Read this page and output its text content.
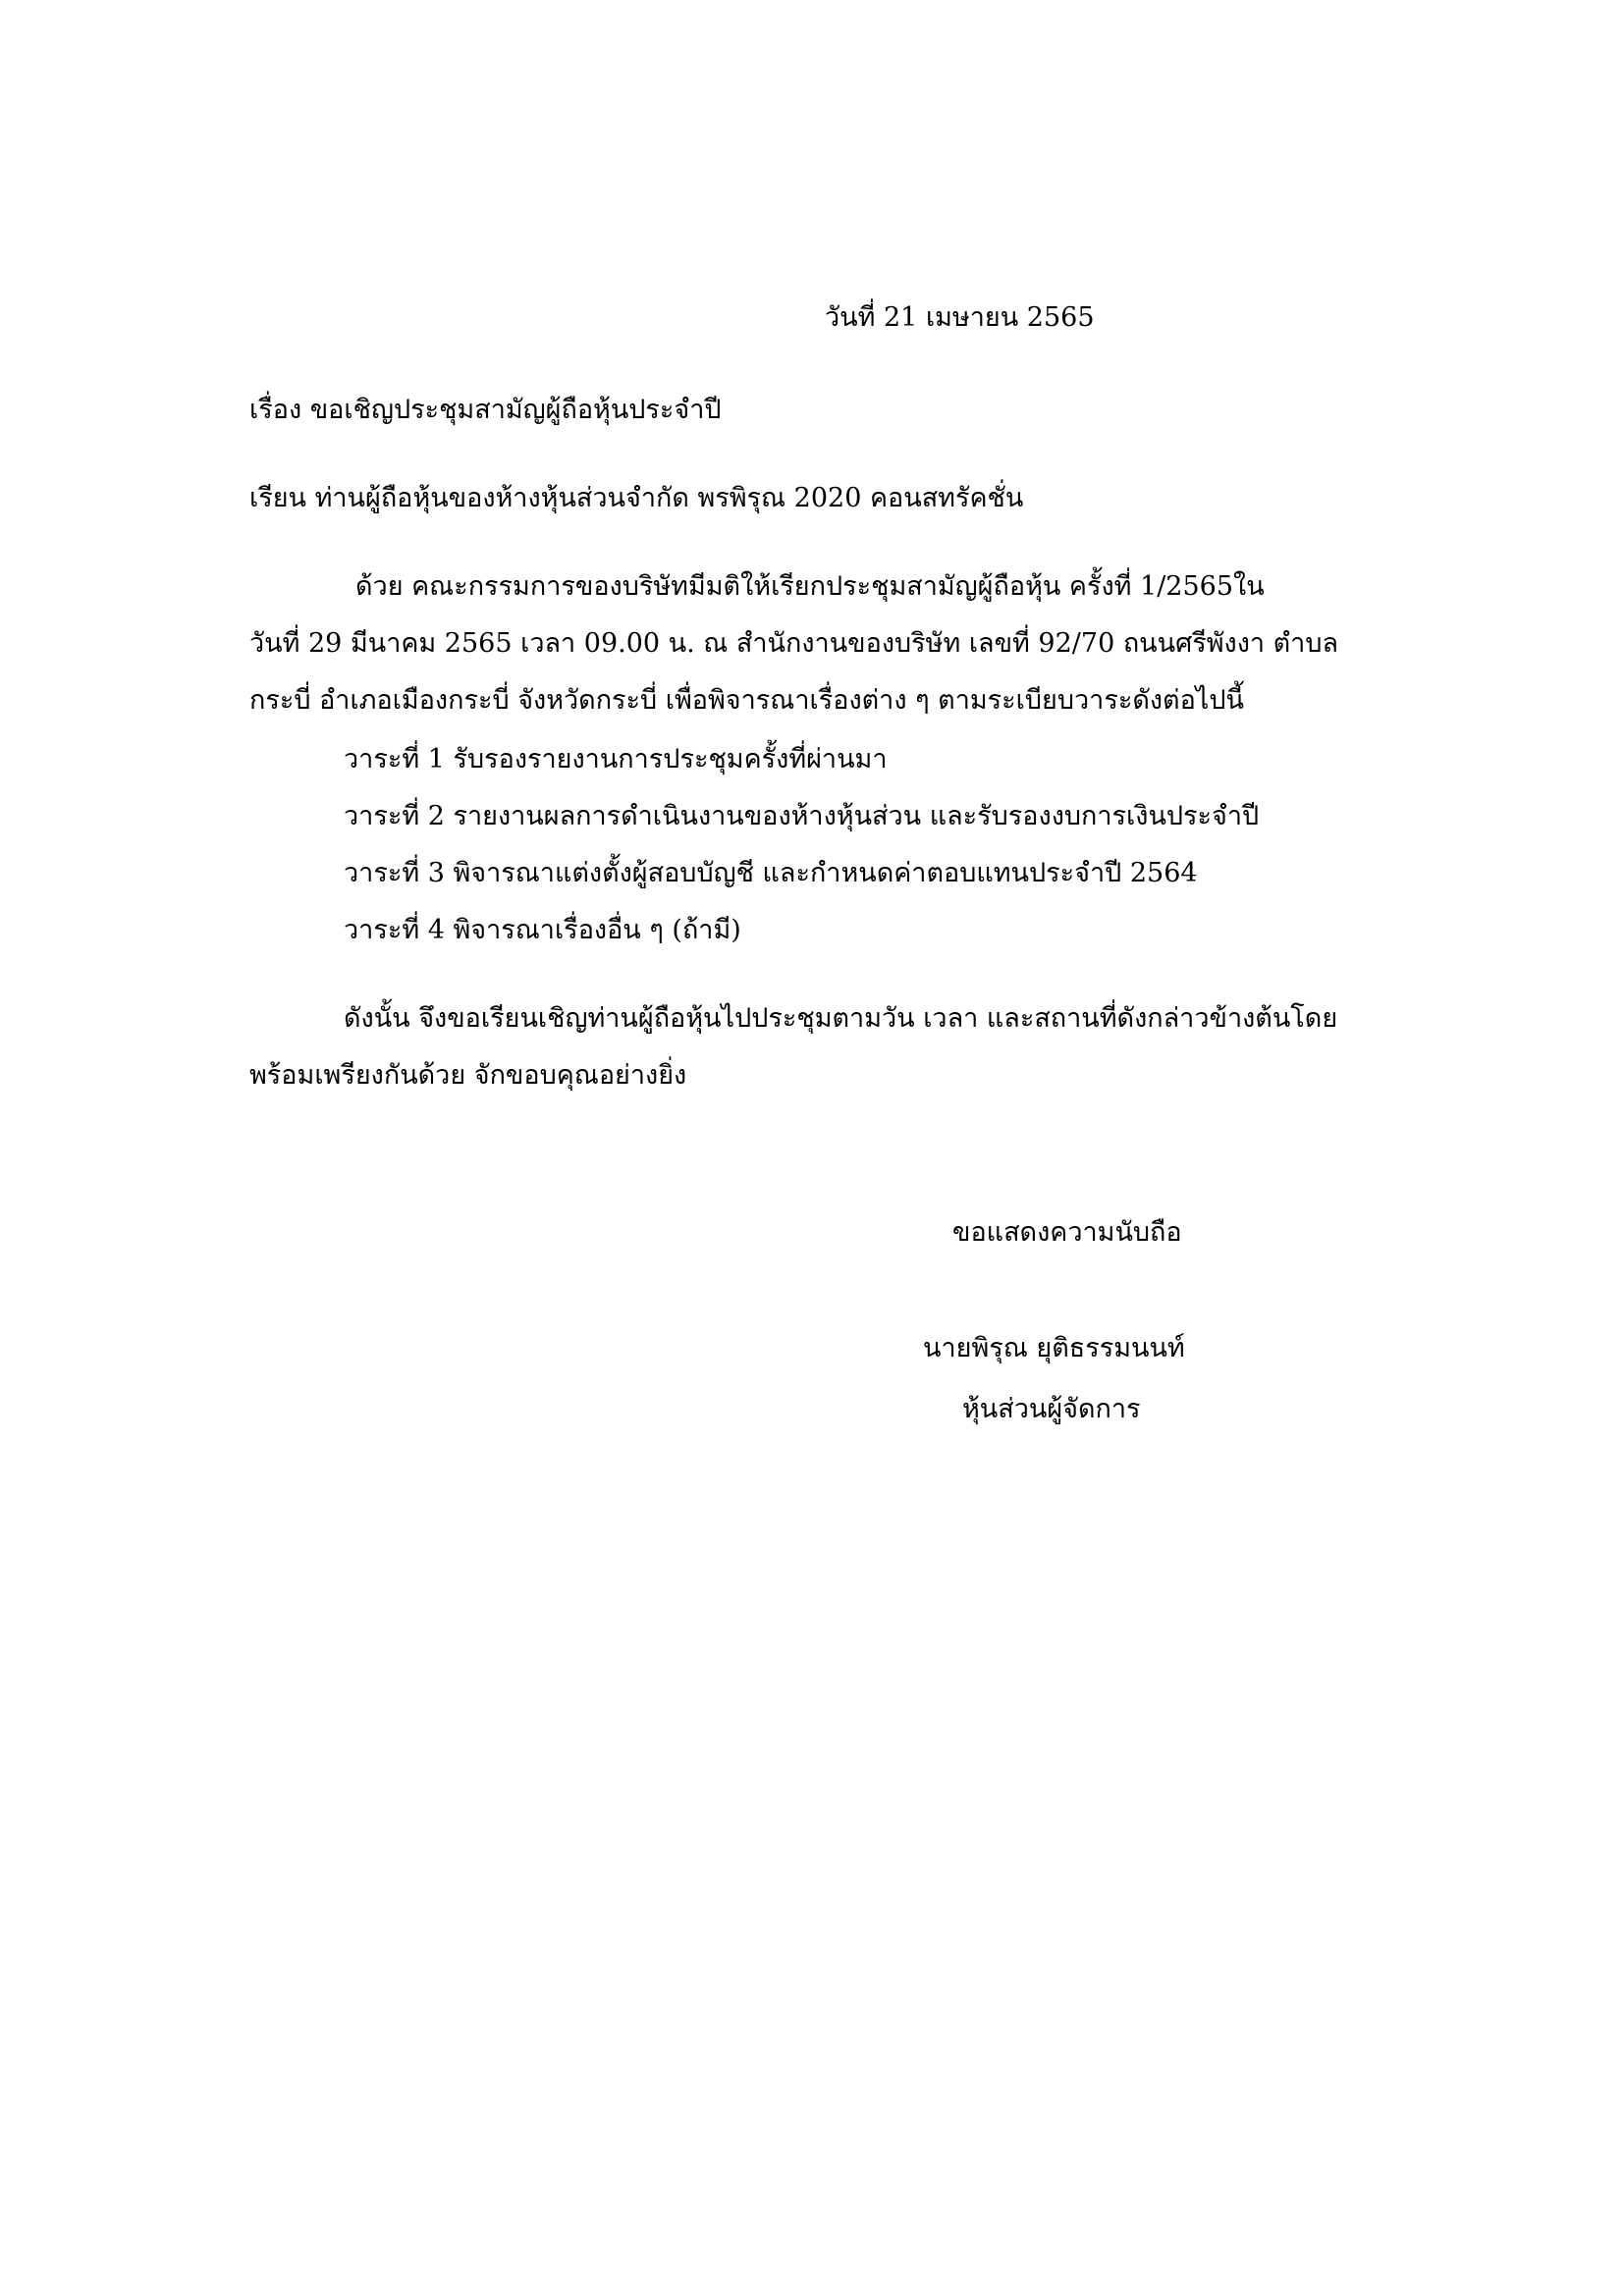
วันที่ 21 เมษายน 2565
เรื่อง ขอเชิญประชุมสามัญผู้ถือหุ้นประจำปี
เรียน ท่านผู้ถือหุ้นของห้างหุ้นส่วนจำกัด พรพิรุณ 2020 คอนสทรัคชั่น
ด้วย คณะกรรมการของบริษัทมีมติให้เรียกประชุมสามัญผู้ถือหุ้น ครั้งที่ 1/2565ใน
วันที่ 29 มีนาคม 2565 เวลา 09.00 น. ณ สำนักงานของบริษัท เลขที่ 92/70 ถนนศรีพังงา ตำบล
กระบี่ อำเภอเมืองกระบี่ จังหวัดกระบี่ เพื่อพิจารณาเรื่องต่าง ๆ ตามระเบียบวาระดังต่อไปนี้
วาระที่ 1 รับรองรายงานการประชุมครั้งที่ผ่านมา
วาระที่ 2 รายงานผลการดำเนินงานของห้างหุ้นส่วน และรับรองงบการเงินประจำปี
วาระที่ 3 พิจารณาแต่งตั้งผู้สอบบัญชี และกำหนดค่าตอบแทนประจำปี 2564
วาระที่ 4 พิจารณาเรื่องอื่น ๆ (ถ้ามี)
ดังนั้น จึงขอเรียนเชิญท่านผู้ถือหุ้นไปประชุมตามวัน เวลา และสถานที่ดังกล่าวข้างต้นโดย
พร้อมเพรียงกันด้วย จักขอบคุณอย่างยิ่ง
ขอแสดงความนับถือ
นายพิรุณ ยุติธรรมนนท์
หุ้นส่วนผู้จัดการ
